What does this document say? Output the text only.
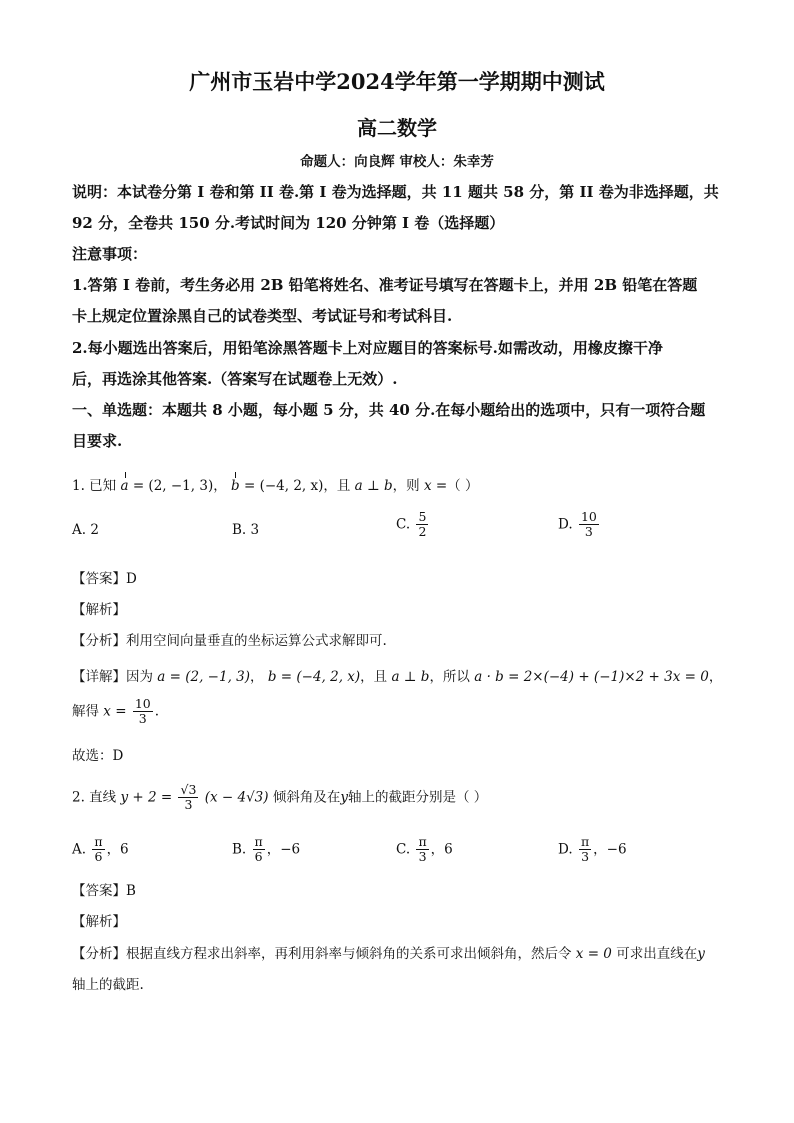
广州市玉岩中学2024学年第一学期期中测试
高二数学
命题人：向良辉 审校人：朱幸芳
说明：本试卷分第 I 卷和第 II 卷.第 I 卷为选择题，共 11 题共 58 分，第 II 卷为非选择题，共
92 分，全卷共 150 分.考试时间为 120 分钟第 I 卷（选择题）
注意事项：
1.答第 I 卷前，考生务必用 2B 铅笔将姓名、准考证号填写在答题卡上，并用 2B 铅笔在答题
卡上规定位置涂黑自己的试卷类型、考试证号和考试科目.
2.每小题选出答案后，用铅笔涂黑答题卡上对应题目的答案标号.如需改动，用橡皮擦干净
后，再选涂其他答案.（答案写在试题卷上无效）.
一、单选题：本题共 8 小题，每小题 5 分，共 40 分.在每小题给出的选项中，只有一项符合题
目要求.
1. 已知 a = (2, −1, 3)， b = (−4, 2, x)，且 a ⊥ b，则 x =（ ）
A. 2	B. 3	C. $\frac{5}{2}$	D. $\frac{10}{3}$
【答案】D
【解析】
【分析】利用空间向量垂直的坐标运算公式求解即可.
【详解】因为 a = (2, −1, 3)， b = (−4, 2, x)，且 a ⊥ b，所以 a · b = 2×(−4) + (−1)×2 + 3x = 0，
解得 $x = \frac{10}{3}$ .
故选：D
2. 直线 $y + 2 = \frac{√3}{3} (x - 4√3)$ 倾斜角及在y轴上的截距分别是（ ）
A. $\frac{\pi}{6}$ ，6	B. $\frac{\pi}{6}$ ，−6	C. $\frac{\pi}{3}$ ，6	D. $\frac{\pi}{3}$ ，−6
【答案】B
【解析】
【分析】根据直线方程求出斜率，再利用斜率与倾斜角的关系可求出倾斜角，然后令 x = 0 可求出直线在y
轴上的截距.
